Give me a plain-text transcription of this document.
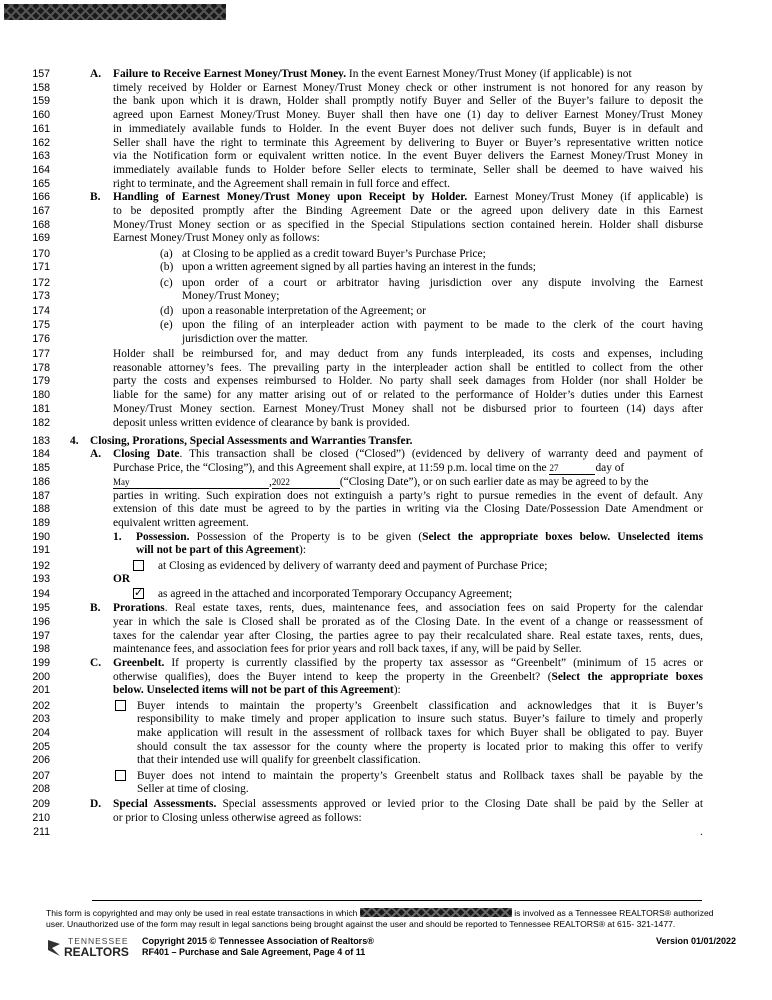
157	A. Failure to Receive Earnest Money/Trust Money. In the event Earnest Money/Trust Money (if applicable) is not
158	timely received by Holder or Earnest Money/Trust Money check or other instrument is not honored for any reason by
159	the bank upon which it is drawn, Holder shall promptly notify Buyer and Seller of the Buyer’s failure to deposit the
160	agreed upon Earnest Money/Trust Money. Buyer shall then have one (1) day to deliver Earnest Money/Trust Money
161	in immediately available funds to Holder. In the event Buyer does not deliver such funds, Buyer is in default and
162	Seller shall have the right to terminate this Agreement by delivering to Buyer or Buyer’s representative written notice
163	via the Notification form or equivalent written notice. In the event Buyer delivers the Earnest Money/Trust Money in
164	immediately available funds to Holder before Seller elects to terminate, Seller shall be deemed to have waived his
165	right to terminate, and the Agreement shall remain in full force and effect.
166	B. Handling of Earnest Money/Trust Money upon Receipt by Holder. Earnest Money/Trust Money (if applicable) is
167	to be deposited promptly after the Binding Agreement Date or the agreed upon delivery date in this Earnest
168	Money/Trust Money section or as specified in the Special Stipulations section contained herein. Holder shall disburse
169	Earnest Money/Trust Money only as follows:
170	(a) at Closing to be applied as a credit toward Buyer’s Purchase Price;
171	(b) upon a written agreement signed by all parties having an interest in the funds;
172	(c) upon order of a court or arbitrator having jurisdiction over any dispute involving the Earnest
173	Money/Trust Money;
174	(d) upon a reasonable interpretation of the Agreement; or
175	(e) upon the filing of an interpleader action with payment to be made to the clerk of the court having
176	jurisdiction over the matter.
177	Holder shall be reimbursed for, and may deduct from any funds interpleaded, its costs and expenses, including
178	reasonable attorney’s fees. The prevailing party in the interpleader action shall be entitled to collect from the other
179	party the costs and expenses reimbursed to Holder. No party shall seek damages from Holder (nor shall Holder be
180	liable for the same) for any matter arising out of or related to the performance of Holder’s duties under this Earnest
181	Money/Trust Money section. Earnest Money/Trust Money shall not be disbursed prior to fourteen (14) days after
182	deposit unless written evidence of clearance by bank is provided.
183 4. Closing, Prorations, Special Assessments and Warranties Transfer.
184	A. Closing Date. This transaction shall be closed (“Closed”) (evidenced by delivery of warranty deed and payment of
185	Purchase Price, the “Closing”), and this Agreement shall expire, at 11:59 p.m. local time on the 27	day of
186	May	,2022	(“Closing Date”), or on such earlier date as may be agreed to by the
187	parties in writing. Such expiration does not extinguish a party’s right to pursue remedies in the event of default. Any
188	extension of this date must be agreed to by the parties in writing via the Closing Date/Possession Date Amendment or
189	equivalent written agreement.
190	1. Possession. Possession of the Property is to be given (Select the appropriate boxes below. Unselected items
191	will not be part of this Agreement):
192	at Closing as evidenced by delivery of warranty deed and payment of Purchase Price;
193	OR
194
✓	as agreed in the attached and incorporated Temporary Occupancy Agreement;
195	B. Prorations. Real estate taxes, rents, dues, maintenance fees, and association fees on said Property for the calendar
196	year in which the sale is Closed shall be prorated as of the Closing Date. In the event of a change or reassessment of
197	taxes for the calendar year after Closing, the parties agree to pay their recalculated share. Real estate taxes, rents, dues,
198	maintenance fees, and association fees for prior years and roll back taxes, if any, will be paid by Seller.
199	C. Greenbelt. If property is currently classified by the property tax assessor as “Greenbelt” (minimum of 15 acres or
200	otherwise qualifies), does the Buyer intend to keep the property in the Greenbelt? (Select the appropriate boxes
201	below. Unselected items will not be part of this Agreement):
202	Buyer intends to maintain the property’s Greenbelt classification and acknowledges that it is Buyer’s
203	responsibility to make timely and proper application to insure such status. Buyer’s failure to timely and properly
204	make application will result in the assessment of rollback taxes for which Buyer shall be obligated to pay. Buyer
205	should consult the tax assessor for the county where the property is located prior to making this offer to verify
206	that their intended use will qualify for greenbelt classification.
207	Buyer does not intend to maintain the property’s Greenbelt status and Rollback taxes shall be payable by the
208	Seller at time of closing.
209	D. Special Assessments. Special assessments approved or levied prior to the Closing Date shall be paid by the Seller at
210	or prior to Closing unless otherwise agreed as follows:
211	.
This form is copyrighted and may only be used in real estate transactions in which	is involved as a Tennessee REALTORS® authorized
user. Unauthorized use of the form may result in legal sanctions being brought against the user and should be reported to Tennessee REALTORS® at 615- 321-1477.
TENNESSEE
REALTORS
Copyright 2015 © Tennessee Association of Realtors®
RF401 – Purchase and Sale Agreement, Page 4 of 11
Version 01/01/2022
